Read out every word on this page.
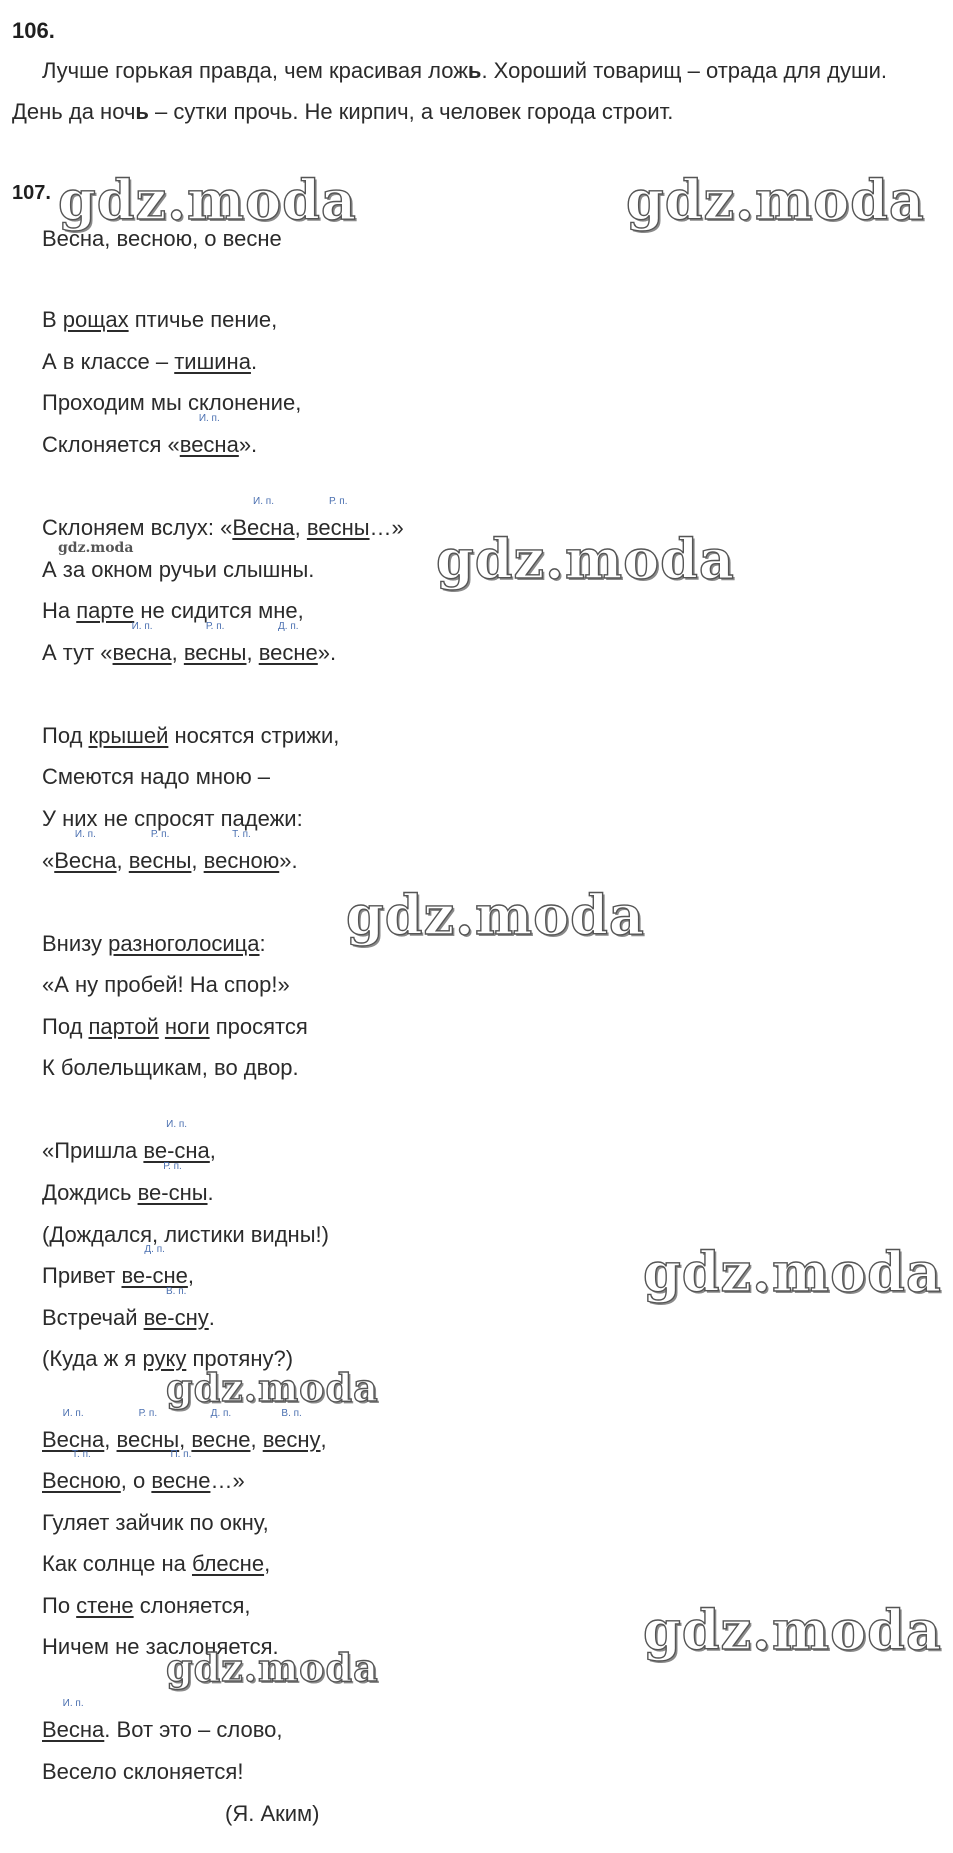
106.
Лучше горькая правда, чем красивая ложь. Хороший товарищ – отрада для души.
День да ночь – сутки прочь. Не кирпич, а человек города строит.
107.
Весна, весною, о весне
В рощах птичье пение,
А в классе – тишина.
Проходим мы склонение,
Склоняется «
И. п.
весна».
Склоняем вслух: «
И. п.
Весна,
Р. п.
весны…»
А за окном ручьи слышны.
На парте не сидится мне,
А тут «
И. п.
весна,
Р. п.
весны,
Д. п.
весне».
Под крышей носятся стрижи,
Смеются надо мною –
У них не спросят падежи:
«
И. п.
Весна,
Р. п.
весны,
Т. п.
весною».
Внизу разноголосица:
«А ну пробей! На спор!»
Под партой ноги просятся
К болельщикам, во двор.
«Пришла
И. п.
ве-сна,
Дождись
Р. п.
ве-сны.
(Дождался, листики видны!)
Привет
Д. п.
ве-сне,
Встречай
В. п.
ве-сну.
(Куда ж я руку протяну?)
И. п.
Весна,
Р. п.
весны,
Д. п.
весне,
В. п.
весну,
Т. п.
Весною, о
П. п.
весне…»
Гуляет зайчик по окну,
Как солнце на блесне,
По стене слоняется,
Ничем не заслоняется.
И. п.
Весна. Вот это – слово,
Весело склоняется!
(Я. Аким)
gdz.moda	gdz.moda
gdz.moda	gdz.moda
gdz.moda
gdz.moda
gdz.moda
gdz.moda
gdz.moda
